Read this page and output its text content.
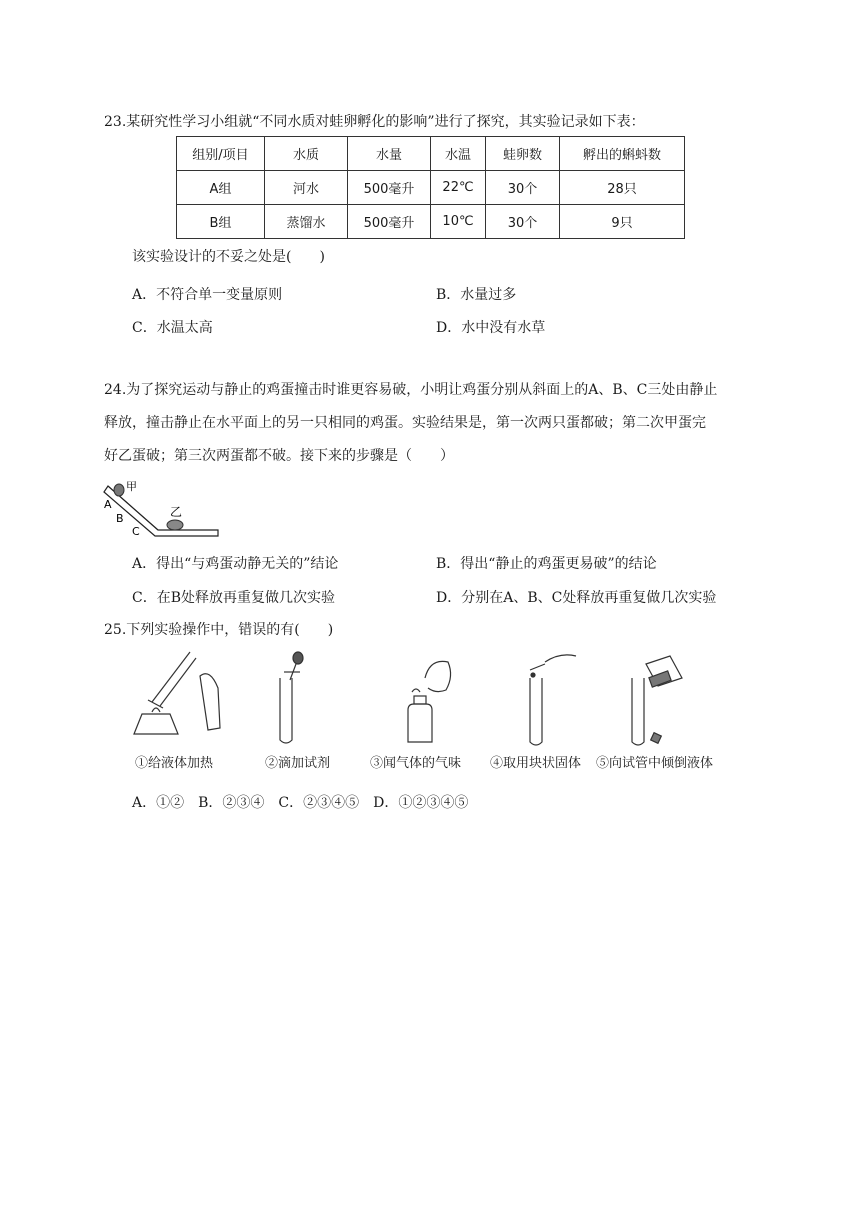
23.某研究性学习小组就“不同水质对蛙卵孵化的影响”进行了探究，其实验记录如下表：
组别/项目	水质	水量	水温	蛙卵数	孵出的蝌蚪数
A组	河水	500毫升	22℃	30个	28只
B组	蒸馏水	500毫升	10℃	30个	9只
该实验设计的不妥之处是(　　)
A．不符合单一变量原则	B．水量过多
C．水温太高	D．水中没有水草
24.为了探究运动与静止的鸡蛋撞击时谁更容易破，小明让鸡蛋分别从斜面上的A、B、C三处由静止
释放，撞击静止在水平面上的另一只相同的鸡蛋。实验结果是，第一次两只蛋都破；第二次甲蛋完
好乙蛋破；第三次两蛋都不破。接下来的步骤是（　　）
甲
乙
A
B
C
A．得出“与鸡蛋动静无关的”结论	B．得出“静止的鸡蛋更易破”的结论
C．在B处释放再重复做几次实验	D．分别在A、B、C处释放再重复做几次实验
25.下列实验操作中，错误的有(　　)
①给液体加热	②滴加试剂	③闻气体的气味 ④取用块状固体 ⑤向试管中倾倒液体
A．①②　B．②③④　C．②③④⑤　D．①②③④⑤
